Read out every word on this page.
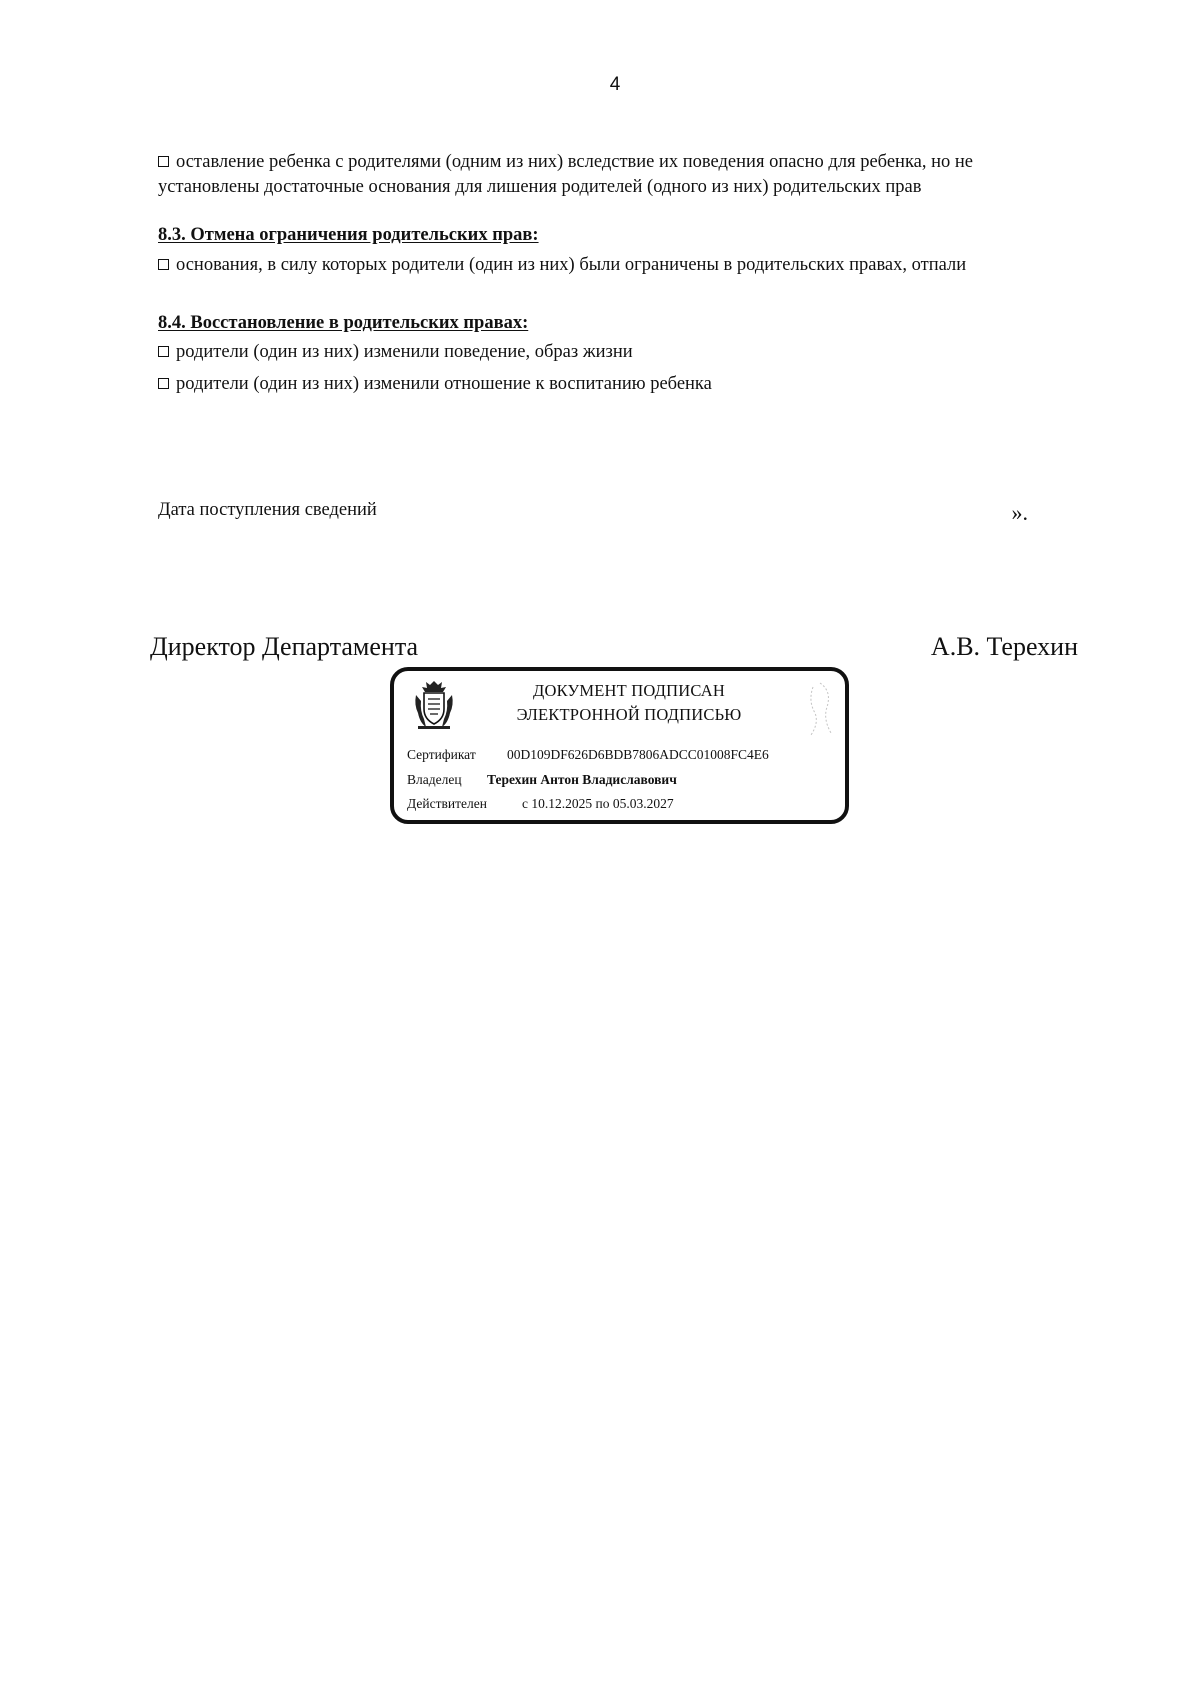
4
оставление ребенка с родителями (одним из них) вследствие их поведения опасно для ребенка, но не
установлены достаточные основания для лишения родителей (одного из них) родительских прав
8.3. Отмена ограничения родительских прав:
основания, в силу которых родители (один из них) были ограничены в родительских правах, отпали
8.4. Восстановление в родительских правах:
родители (один из них) изменили поведение, образ жизни
родители (один из них) изменили отношение к воспитанию ребенка
Дата поступления сведений	».
Директор Департамента	А.В. Терехин
ДОКУМЕНТ ПОДПИСАН
ЭЛЕКТРОННОЙ ПОДПИСЬЮ
Сертификат 00D109DF626D6BDB7806ADCC01008FC4E6
Владелец Терехин Антон Владиславович
Действителен	с 10.12.2025 по 05.03.2027
